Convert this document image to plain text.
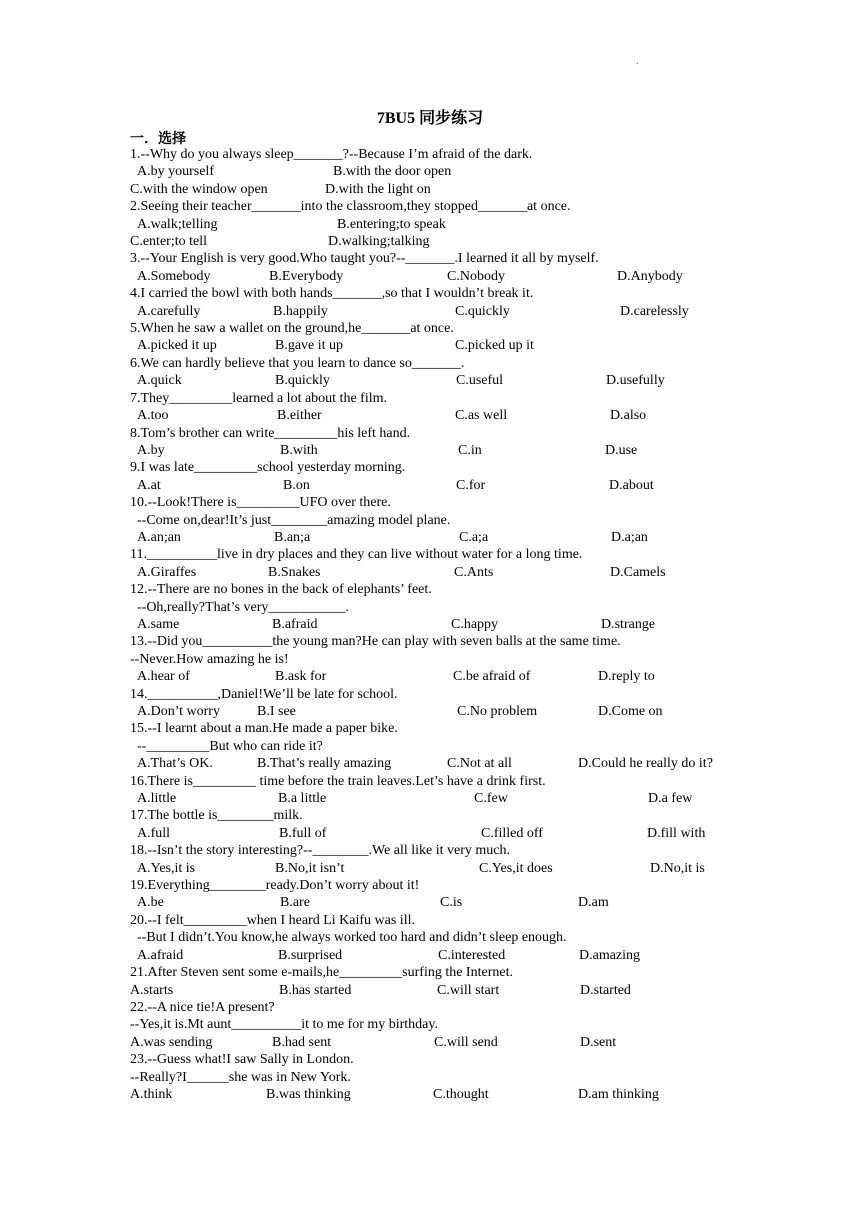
.
7BU5 同步练习
一．选择
1.--Why do you always sleep_______?--Because I’m afraid of the dark.
A.by yourself	B.with the door open
C.with the window open	D.with the light on
2.Seeing their teacher_______into the classroom,they stopped_______at once.
A.walk;telling	B.entering;to speak
C.enter;to tell	D.walking;talking
3.--Your English is very good.Who taught you?--_______.I learned it all by myself.
A.Somebody	B.Everybody	C.Nobody	D.Anybody
4.I carried the bowl with both hands_______,so that I wouldn’t break it.
A.carefully	B.happily	C.quickly	D.carelessly
5.When he saw a wallet on the ground,he_______at once.
A.picked it up	B.gave it up	C.picked up it
6.We can hardly believe that you learn to dance so_______.
A.quick	B.quickly	C.useful	D.usefully
7.They_________learned a lot about the film.
A.too	B.either	C.as well	D.also
8.Tom’s brother can write_________his left hand.
A.by	B.with	C.in	D.use
9.I was late_________school yesterday morning.
A.at	B.on	C.for	D.about
10.--Look!There is_________UFO over there.
--Come on,dear!It’s just________amazing model plane.
A.an;an	B.an;a	C.a;a	D.a;an
11.__________live in dry places and they can live without water for a long time.
A.Giraffes	B.Snakes	C.Ants	D.Camels
12.--There are no bones in the back of elephants’ feet.
--Oh,really?That’s very___________.
A.same	B.afraid	C.happy	D.strange
13.--Did you__________the young man?He can play with seven balls at the same time.
--Never.How amazing he is!
A.hear of	B.ask for	C.be afraid of	D.reply to
14.__________,Daniel!We’ll be late for school.
A.Don’t worry	B.I see	C.No problem	D.Come on
15.--I learnt about a man.He made a paper bike.
--_________But who can ride it?
A.That’s OK.	B.That’s really amazing	C.Not at all	D.Could he really do it?
16.There is_________ time before the train leaves.Let’s have a drink first.
A.little	B.a little	C.few	D.a few
17.The bottle is________milk.
A.full	B.full of	C.filled off	D.fill with
18.--Isn’t the story interesting?--________.We all like it very much.
A.Yes,it is	B.No,it isn’t	C.Yes,it does	D.No,it is
19.Everything________ready.Don’t worry about it!
A.be	B.are	C.is	D.am
20.--I felt_________when I heard Li Kaifu was ill.
--But I didn’t.You know,he always worked too hard and didn’t sleep enough.
A.afraid	B.surprised	C.interested	D.amazing
21.After Steven sent some e-mails,he_________surfing the Internet.
A.starts	B.has started	C.will start	D.started
22.--A nice tie!A present?
--Yes,it is.Mt aunt__________it to me for my birthday.
A.was sending	B.had sent	C.will send	D.sent
23.--Guess what!I saw Sally in London.
--Really?I______she was in New York.
A.think	B.was thinking	C.thought	D.am thinking
